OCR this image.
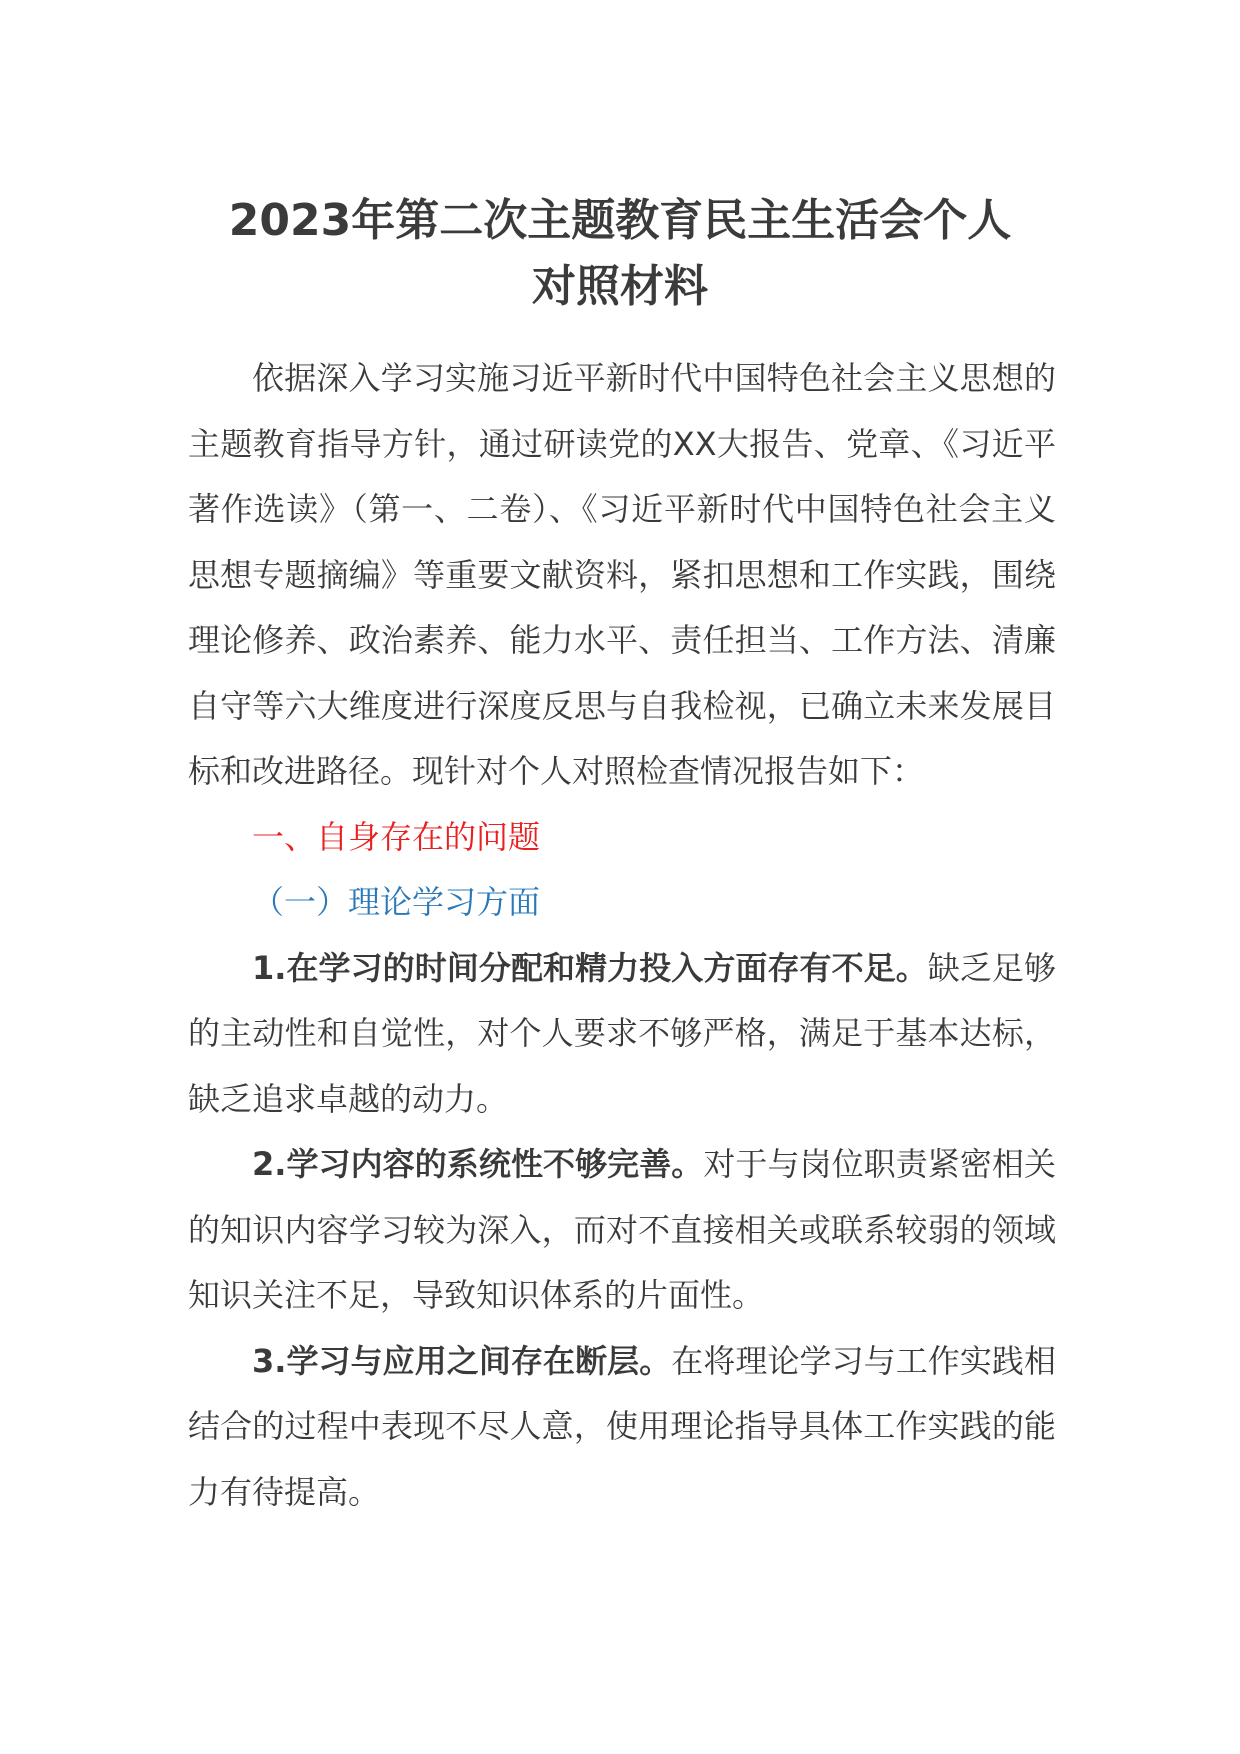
2023年第二次主题教育民主生活会个人
对照材料

依据深入学习实施习近平新时代中国特色社会主义思想的主题教育指导方针，通过研读党的XX大报告、党章、《习近平著作选读》（第一、二卷）、《习近平新时代中国特色社会主义思想专题摘编》等重要文献资料，紧扣思想和工作实践，围绕理论修养、政治素养、能力水平、责任担当、工作方法、清廉自守等六大维度进行深度反思与自我检视，已确立未来发展目标和改进路径。现针对个人对照检查情况报告如下：

一、自身存在的问题

（一）理论学习方面

1.在学习的时间分配和精力投入方面存有不足。缺乏足够的主动性和自觉性，对个人要求不够严格，满足于基本达标，缺乏追求卓越的动力。

2.学习内容的系统性不够完善。对于与岗位职责紧密相关的知识内容学习较为深入，而对不直接相关或联系较弱的领域知识关注不足，导致知识体系的片面性。

3.学习与应用之间存在断层。在将理论学习与工作实践相结合的过程中表现不尽人意，使用理论指导具体工作实践的能力有待提高。
